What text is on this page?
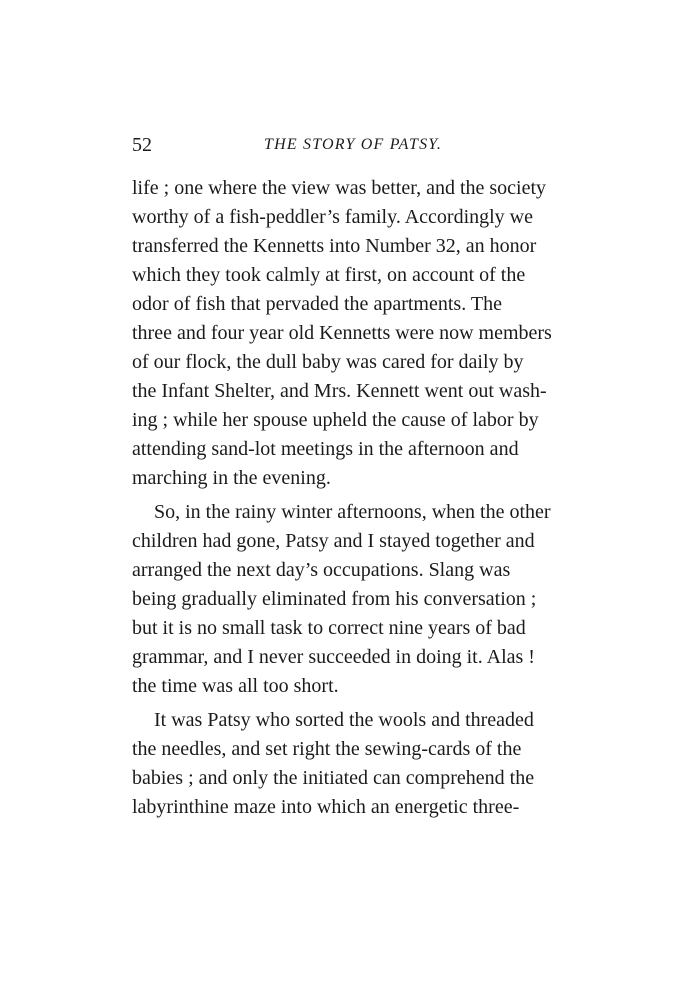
52	THE STORY OF PATSY.
life ; one where the view was better, and the society
worthy of a fish-peddler’s family. Accordingly we
transferred the Kennetts into Number 32, an honor
which they took calmly at first, on account of the
odor of fish that pervaded the apartments. The
three and four year old Kennetts were now members
of our flock, the dull baby was cared for daily by
the Infant Shelter, and Mrs. Kennett went out wash-
ing ; while her spouse upheld the cause of labor by
attending sand-lot meetings in the afternoon and
marching in the evening.
So, in the rainy winter afternoons, when the other
children had gone, Patsy and I stayed together and
arranged the next day’s occupations. Slang was
being gradually eliminated from his conversation ;
but it is no small task to correct nine years of bad
grammar, and I never succeeded in doing it. Alas !
the time was all too short.
It was Patsy who sorted the wools and threaded
the needles, and set right the sewing-cards of the
babies ; and only the initiated can comprehend the
labyrinthine maze into which an energetic three-
